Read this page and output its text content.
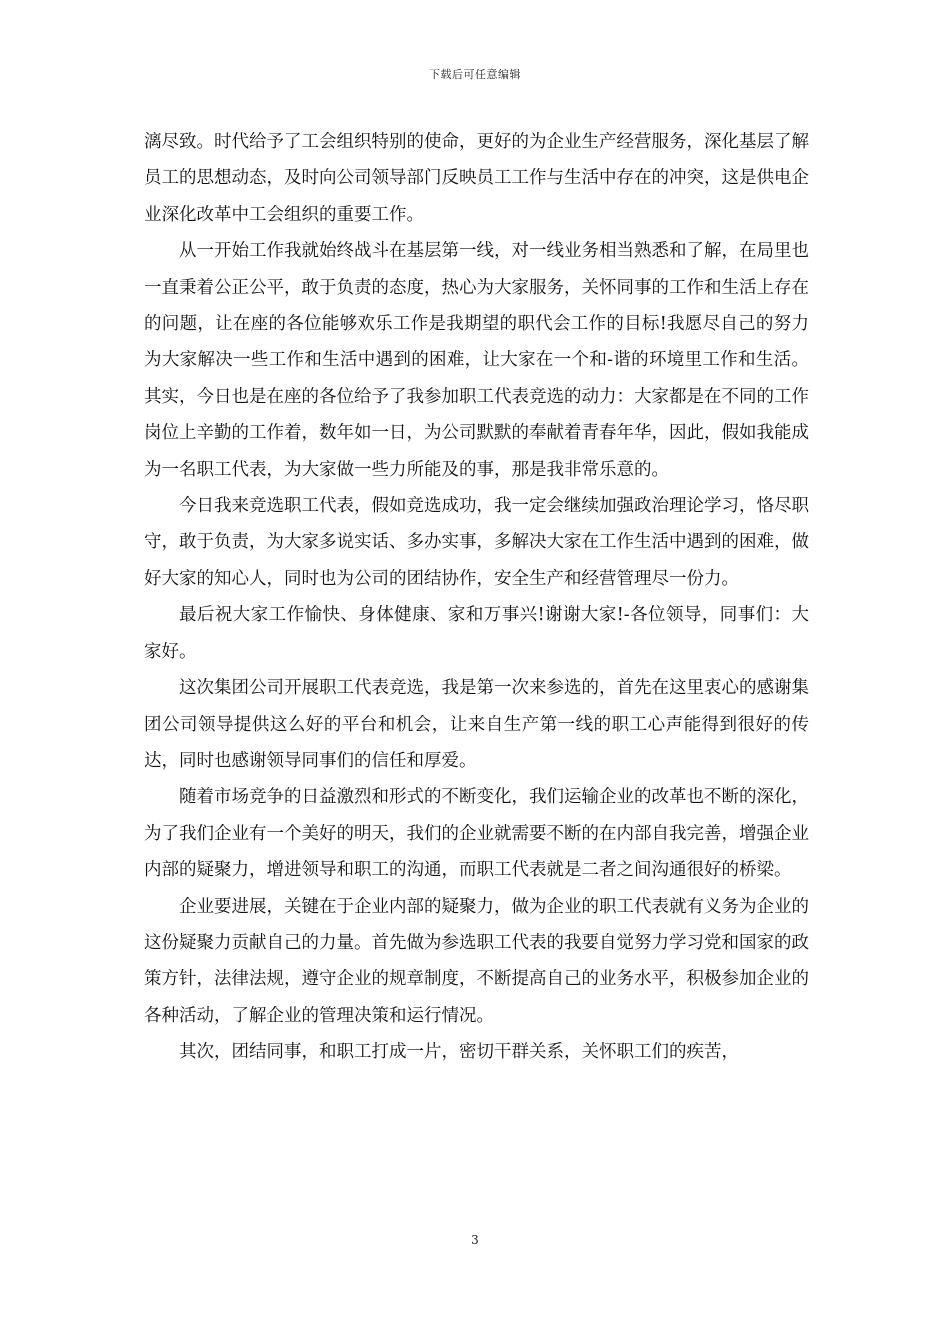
下载后可任意编辑

漓尽致。时代给予了工会组织特别的使命，更好的为企业生产经营服务，深化基层了解员工的思想动态，及时向公司领导部门反映员工工作与生活中存在的冲突，这是供电企业深化改革中工会组织的重要工作。

从一开始工作我就始终战斗在基层第一线，对一线业务相当熟悉和了解，在局里也一直秉着公正公平，敢于负责的态度，热心为大家服务，关怀同事的工作和生活上存在的问题，让在座的各位能够欢乐工作是我期望的职代会工作的目标!我愿尽自己的努力为大家解决一些工作和生活中遇到的困难，让大家在一个和-谐的环境里工作和生活。其实，今日也是在座的各位给予了我参加职工代表竞选的动力：大家都是在不同的工作岗位上辛勤的工作着，数年如一日，为公司默默的奉献着青春年华，因此，假如我能成为一名职工代表，为大家做一些力所能及的事，那是我非常乐意的。

今日我来竞选职工代表，假如竞选成功，我一定会继续加强政治理论学习，恪尽职守，敢于负责，为大家多说实话、多办实事，多解决大家在工作生活中遇到的困难，做好大家的知心人，同时也为公司的团结协作，安全生产和经营管理尽一份力。

最后祝大家工作愉快、身体健康、家和万事兴!谢谢大家!-各位领导，同事们：大家好。

这次集团公司开展职工代表竞选，我是第一次来参选的，首先在这里衷心的感谢集团公司领导提供这么好的平台和机会，让来自生产第一线的职工心声能得到很好的传达，同时也感谢领导同事们的信任和厚爱。

随着市场竞争的日益激烈和形式的不断变化，我们运输企业的改革也不断的深化，为了我们企业有一个美好的明天，我们的企业就需要不断的在内部自我完善，增强企业内部的疑聚力，增进领导和职工的沟通，而职工代表就是二者之间沟通很好的桥梁。

企业要进展，关键在于企业内部的疑聚力，做为企业的职工代表就有义务为企业的这份疑聚力贡献自己的力量。首先做为参选职工代表的我要自觉努力学习党和国家的政策方针，法律法规，遵守企业的规章制度，不断提高自己的业务水平，积极参加企业的各种活动，了解企业的管理决策和运行情况。

其次，团结同事，和职工打成一片，密切干群关系，关怀职工们的疾苦，

3
